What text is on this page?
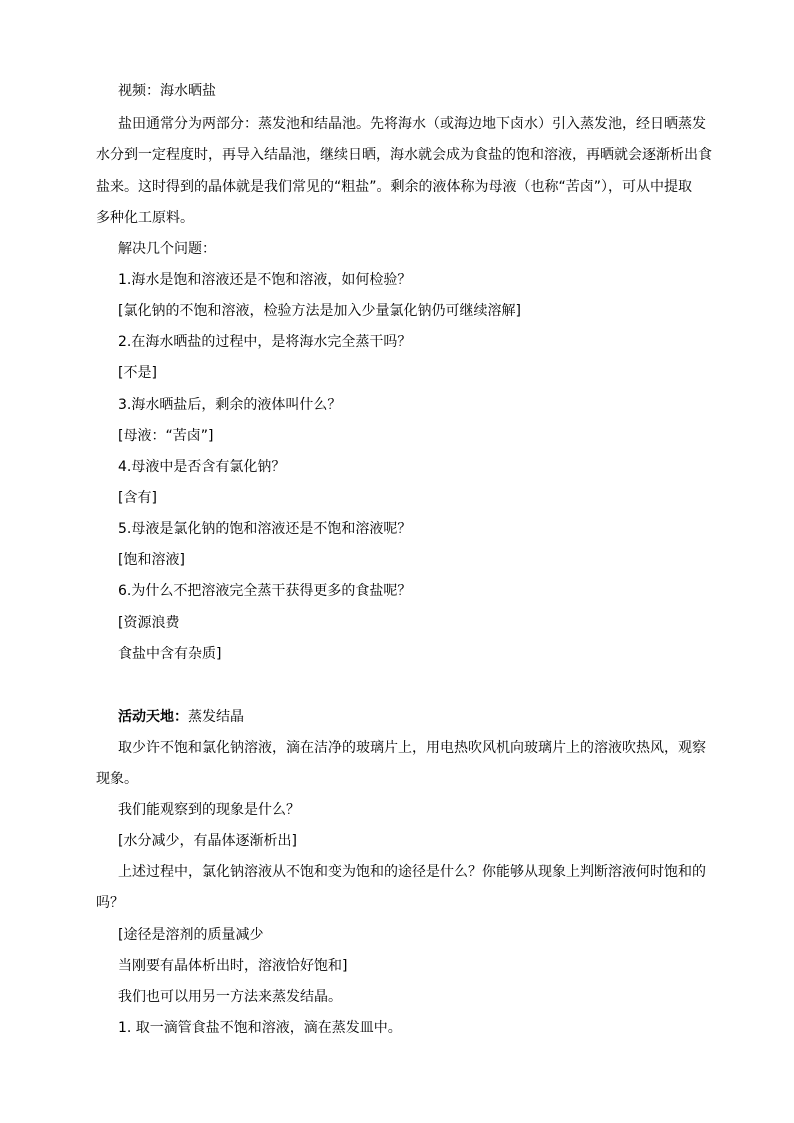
视频：海水晒盐
盐田通常分为两部分：蒸发池和结晶池。先将海水（或海边地下卤水）引入蒸发池，经日晒蒸发
水分到一定程度时，再导入结晶池，继续日晒，海水就会成为食盐的饱和溶液，再晒就会逐渐析出食
盐来。这时得到的晶体就是我们常见的“粗盐”。剩余的液体称为母液（也称“苦卤”），可从中提取
多种化工原料。
解决几个问题：
1.海水是饱和溶液还是不饱和溶液，如何检验？
[氯化钠的不饱和溶液，检验方法是加入少量氯化钠仍可继续溶解]
2.在海水晒盐的过程中，是将海水完全蒸干吗？
[不是]
3.海水晒盐后，剩余的液体叫什么？
[母液：“苦卤”]
4.母液中是否含有氯化钠？
[含有]
5.母液是氯化钠的饱和溶液还是不饱和溶液呢？
[饱和溶液]
6.为什么不把溶液完全蒸干获得更多的食盐呢？
[资源浪费
食盐中含有杂质]
活动天地：蒸发结晶
取少许不饱和氯化钠溶液，滴在洁净的玻璃片上，用电热吹风机向玻璃片上的溶液吹热风，观察
现象。
我们能观察到的现象是什么？
[水分减少，有晶体逐渐析出]
上述过程中，氯化钠溶液从不饱和变为饱和的途径是什么？你能够从现象上判断溶液何时饱和的
吗？
[途径是溶剂的质量减少
当刚要有晶体析出时，溶液恰好饱和]
我们也可以用另一方法来蒸发结晶。
1. 取一滴管食盐不饱和溶液，滴在蒸发皿中。
